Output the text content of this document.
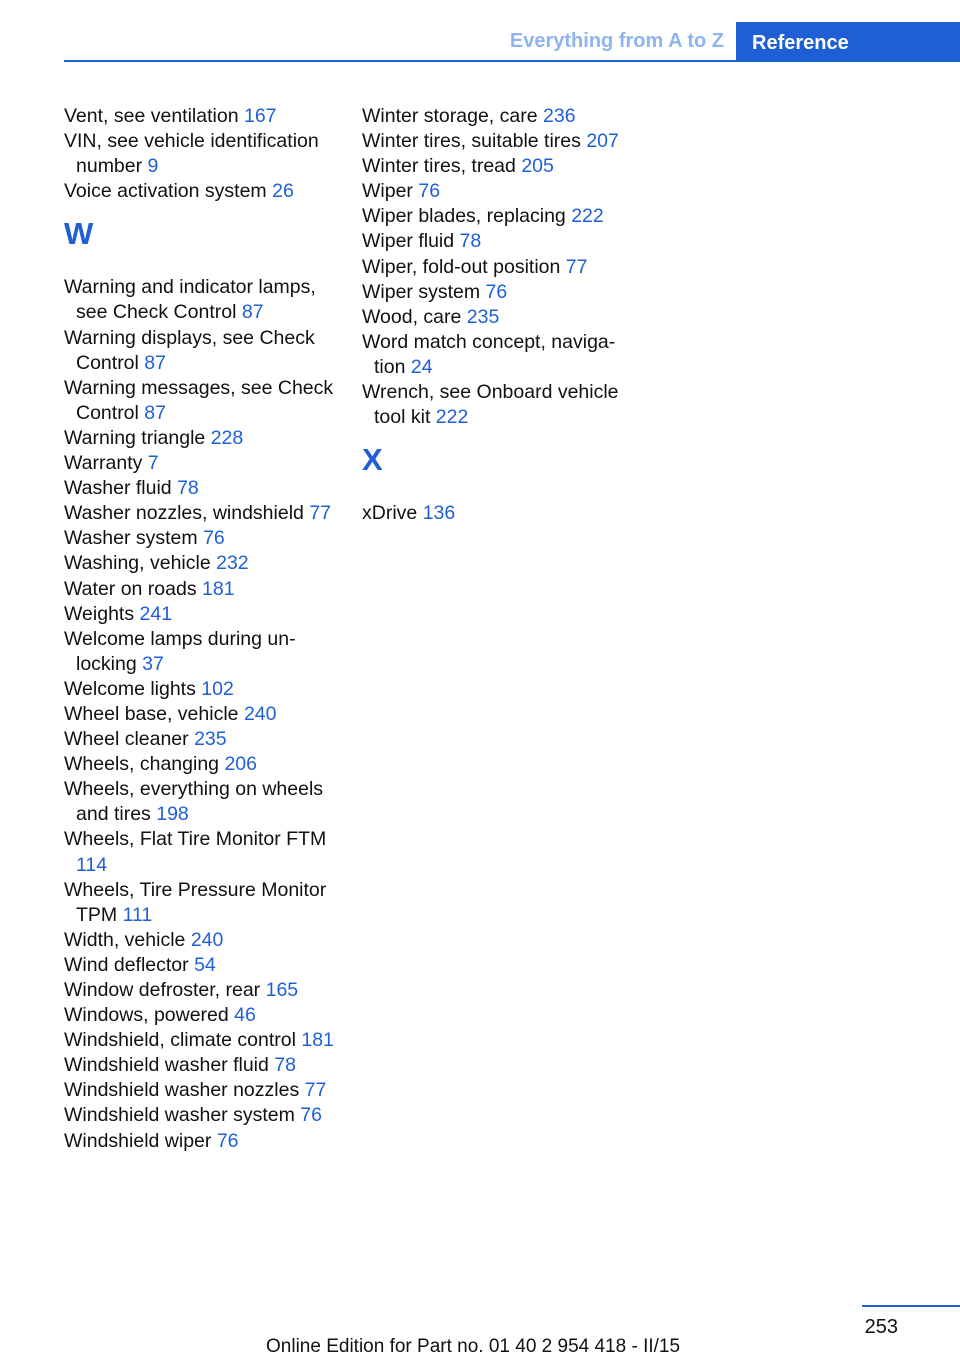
Everything from A to Z	Reference
Vent, see ventilation 167
VIN, see vehicle identification number 9
Voice activation system 26
W
Warning and indicator lamps, see Check Control 87
Warning displays, see Check Control 87
Warning messages, see Check Control 87
Warning triangle 228
Warranty 7
Washer fluid 78
Washer nozzles, windshield 77
Washer system 76
Washing, vehicle 232
Water on roads 181
Weights 241
Welcome lamps during unlocking 37
Welcome lights 102
Wheel base, vehicle 240
Wheel cleaner 235
Wheels, changing 206
Wheels, everything on wheels and tires 198
Wheels, Flat Tire Monitor FTM 114
Wheels, Tire Pressure Monitor TPM 111
Width, vehicle 240
Wind deflector 54
Window defroster, rear 165
Windows, powered 46
Windshield, climate control 181
Windshield washer fluid 78
Windshield washer nozzles 77
Windshield washer system 76
Windshield wiper 76
Winter storage, care 236
Winter tires, suitable tires 207
Winter tires, tread 205
Wiper 76
Wiper blades, replacing 222
Wiper fluid 78
Wiper, fold-out position 77
Wiper system 76
Wood, care 235
Word match concept, navigation 24
Wrench, see Onboard vehicle tool kit 222
X
xDrive 136
253
Online Edition for Part no. 01 40 2 954 418 - II/15
